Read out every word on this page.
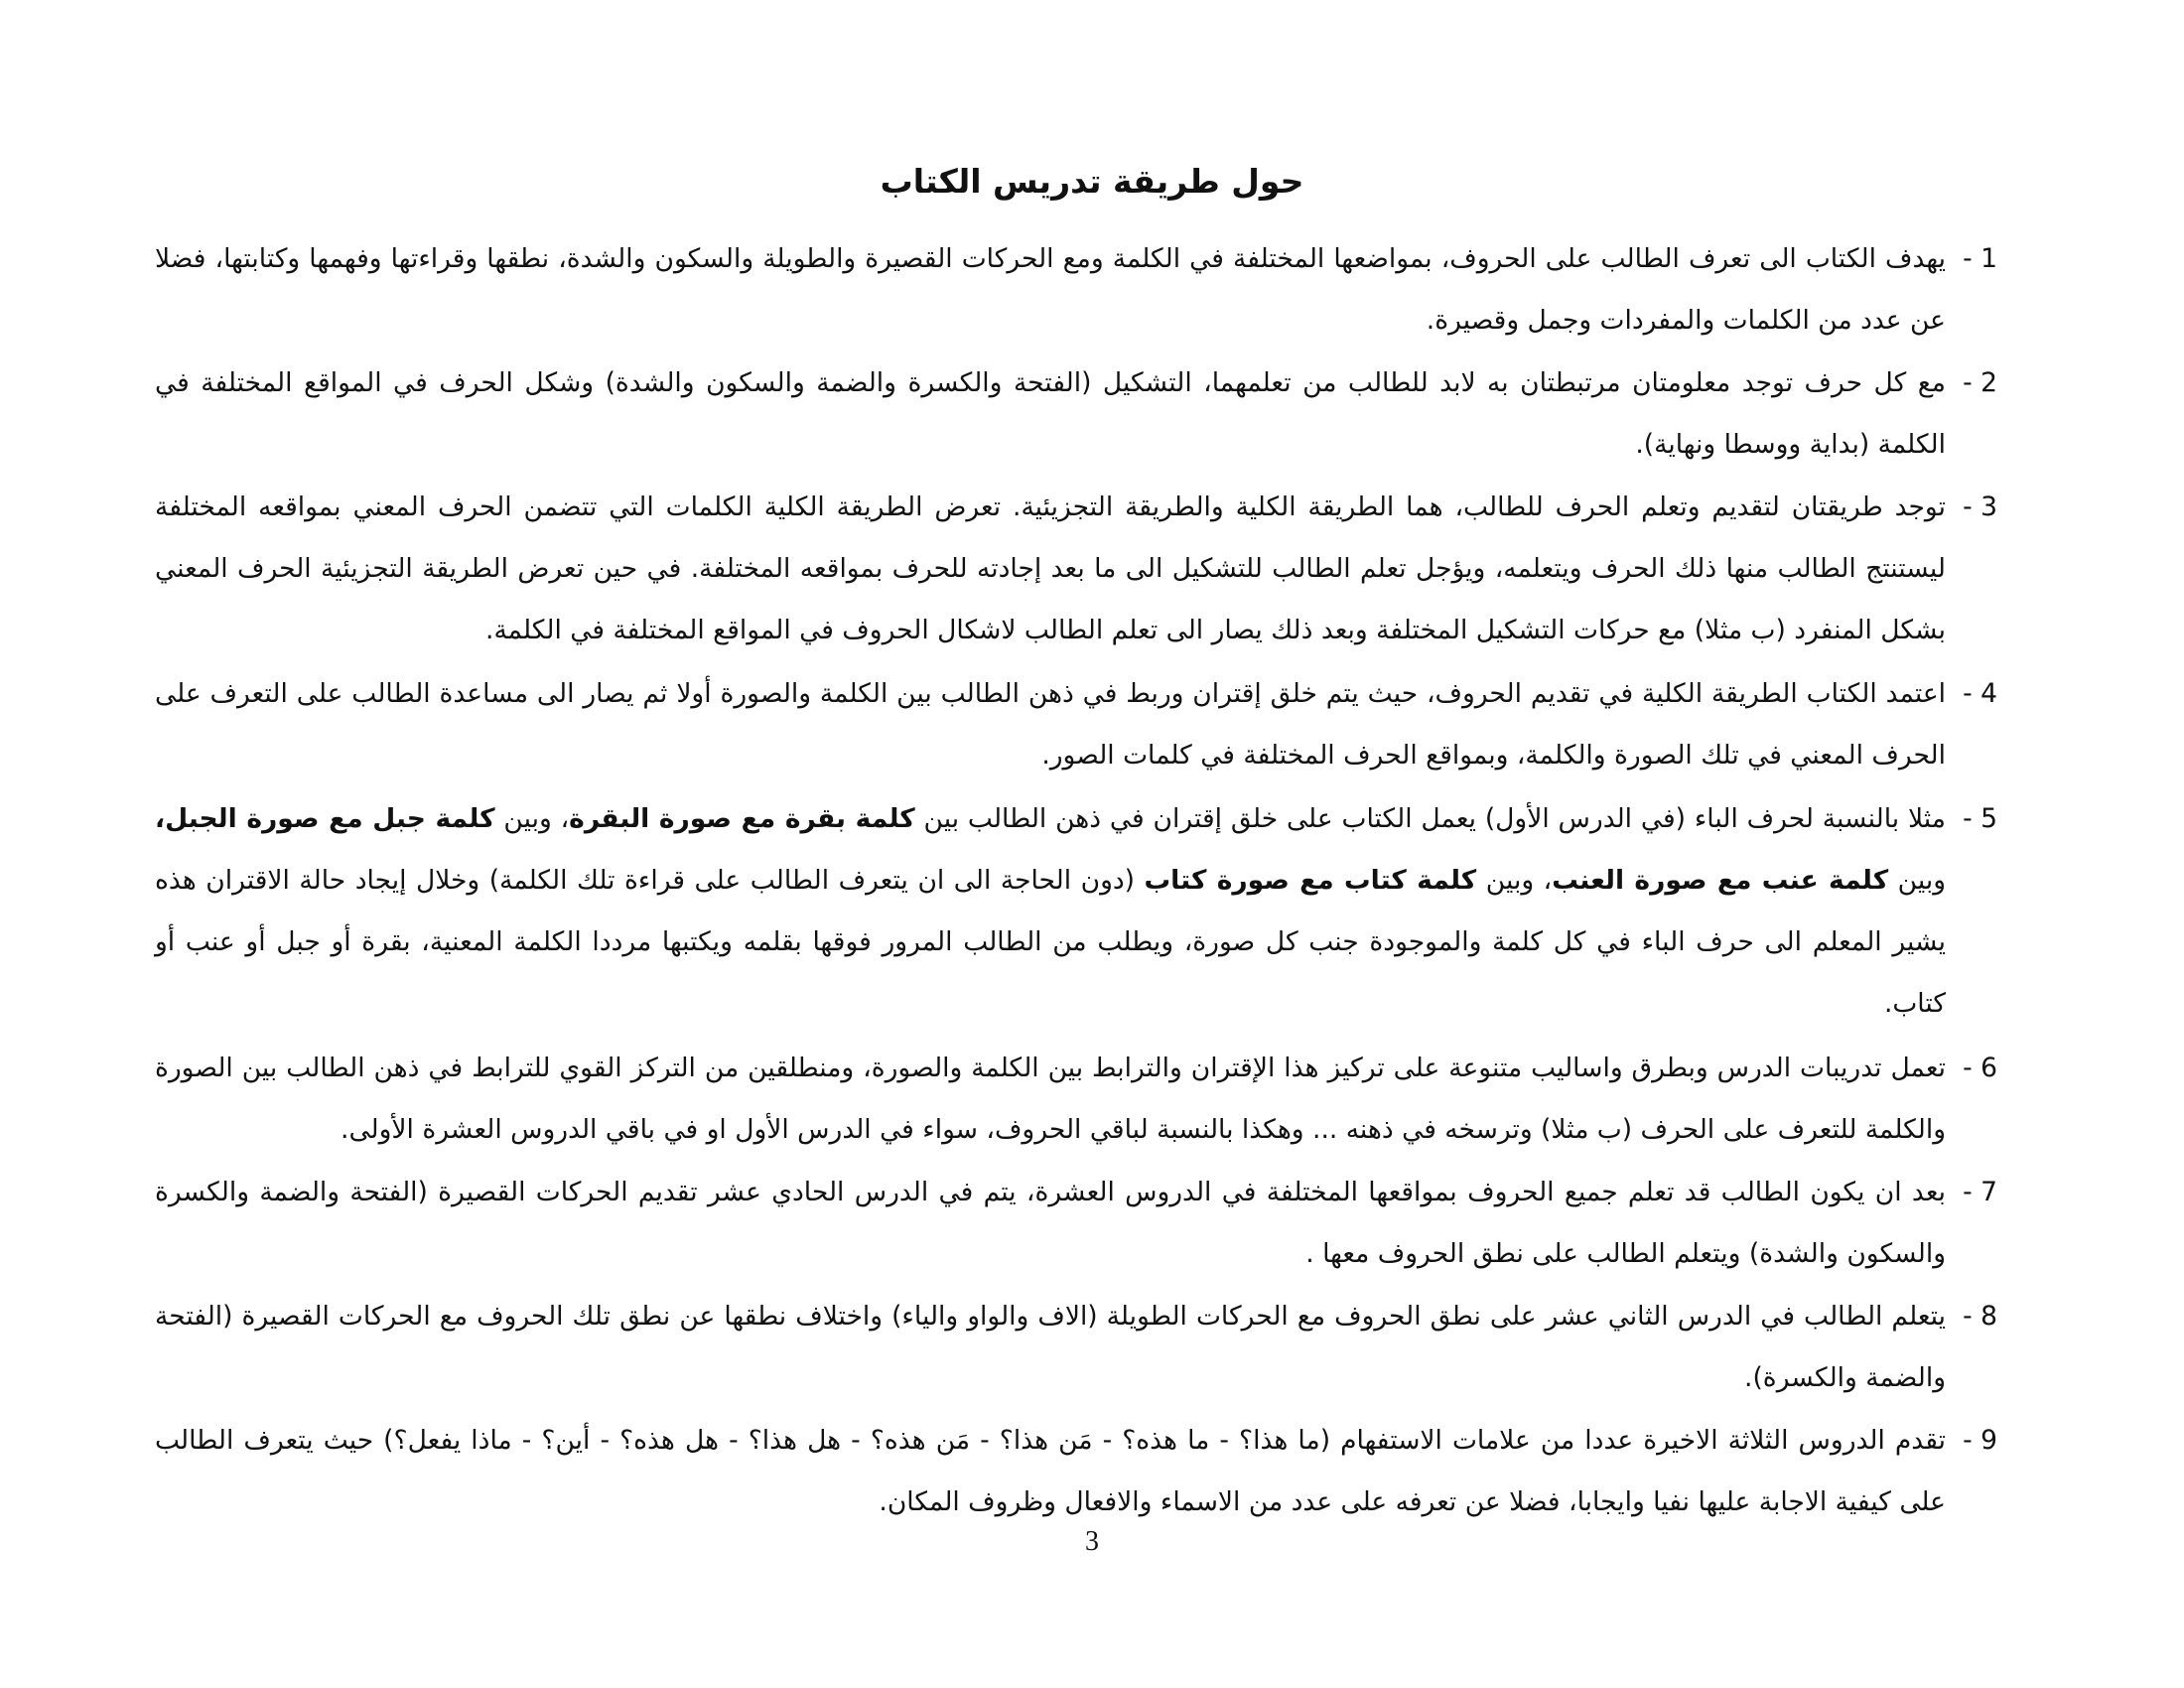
حول طريقة تدريس الكتاب
1 -
يهدف الكتاب الى تعرف الطالب على الحروف، بمواضعها المختلفة في الكلمة ومع الحركات القصيرة والطويلة والسكون والشدة، نطقها وقراءتها وفهمها وكتابتها، فضلا عن عدد من الكلمات والمفردات وجمل وقصيرة.
2 -
مع كل حرف توجد معلومتان مرتبطتان به لابد للطالب من تعلمهما، التشكيل (الفتحة والكسرة والضمة والسكون والشدة) وشكل الحرف في المواقع المختلفة في الكلمة (بداية ووسطا ونهاية).
3 -
توجد طريقتان لتقديم وتعلم الحرف للطالب، هما الطريقة الكلية والطريقة التجزيئية. تعرض الطريقة الكلية الكلمات التي تتضمن الحرف المعني بمواقعه المختلفة ليستنتج الطالب منها ذلك الحرف ويتعلمه، ويؤجل تعلم الطالب للتشكيل الى ما بعد إجادته للحرف بمواقعه المختلفة. في حين تعرض الطريقة التجزيئية الحرف المعني بشكل المنفرد (ب مثلا) مع حركات التشكيل المختلفة وبعد ذلك يصار الى تعلم الطالب لاشكال الحروف في المواقع المختلفة في الكلمة.
4 -
اعتمد الكتاب الطريقة الكلية في تقديم الحروف، حيث يتم خلق إقتران وربط في ذهن الطالب بين الكلمة والصورة أولا ثم يصار الى مساعدة الطالب على التعرف على الحرف المعني في تلك الصورة والكلمة، وبمواقع الحرف المختلفة في كلمات الصور.
5 -
مثلا بالنسبة لحرف الباء (في الدرس الأول) يعمل الكتاب على خلق إقتران في ذهن الطالب بين كلمة بقرة مع صورة البقرة، وبين كلمة جبل مع صورة الجبل، وبين كلمة عنب مع صورة العنب، وبين كلمة كتاب مع صورة كتاب (دون الحاجة الى ان يتعرف الطالب على قراءة تلك الكلمة) وخلال إيجاد حالة الاقتران هذه يشير المعلم الى حرف الباء في كل كلمة والموجودة جنب كل صورة، ويطلب من الطالب المرور فوقها بقلمه ويكتبها مرددا الكلمة المعنية، بقرة أو جبل أو عنب أو كتاب.
6 -
تعمل تدريبات الدرس وبطرق واساليب متنوعة على تركيز هذا الإقتران والترابط بين الكلمة والصورة، ومنطلقين من التركز القوي للترابط في ذهن الطالب بين الصورة والكلمة للتعرف على الحرف (ب مثلا) وترسخه في ذهنه ... وهكذا بالنسبة لباقي الحروف، سواء في الدرس الأول او في باقي الدروس العشرة الأولى.
7 -
بعد ان يكون الطالب قد تعلم جميع الحروف بمواقعها المختلفة في الدروس العشرة، يتم في الدرس الحادي عشر تقديم الحركات القصيرة (الفتحة والضمة والكسرة والسكون والشدة) ويتعلم الطالب على نطق الحروف معها .
8 -
يتعلم الطالب في الدرس الثاني عشر على نطق الحروف مع الحركات الطويلة (الاف والواو والياء) واختلاف نطقها عن نطق تلك الحروف مع الحركات القصيرة (الفتحة والضمة والكسرة).
9 -
تقدم الدروس الثلاثة الاخيرة عددا من علامات الاستفهام (ما هذا؟ - ما هذه؟ - مَن هذا؟ - مَن هذه؟ - هل هذا؟ - هل هذه؟ - أين؟ - ماذا يفعل؟) حيث يتعرف الطالب على كيفية الاجابة عليها نفيا وايجابا، فضلا عن تعرفه على عدد من الاسماء والافعال وظروف المكان.
3
